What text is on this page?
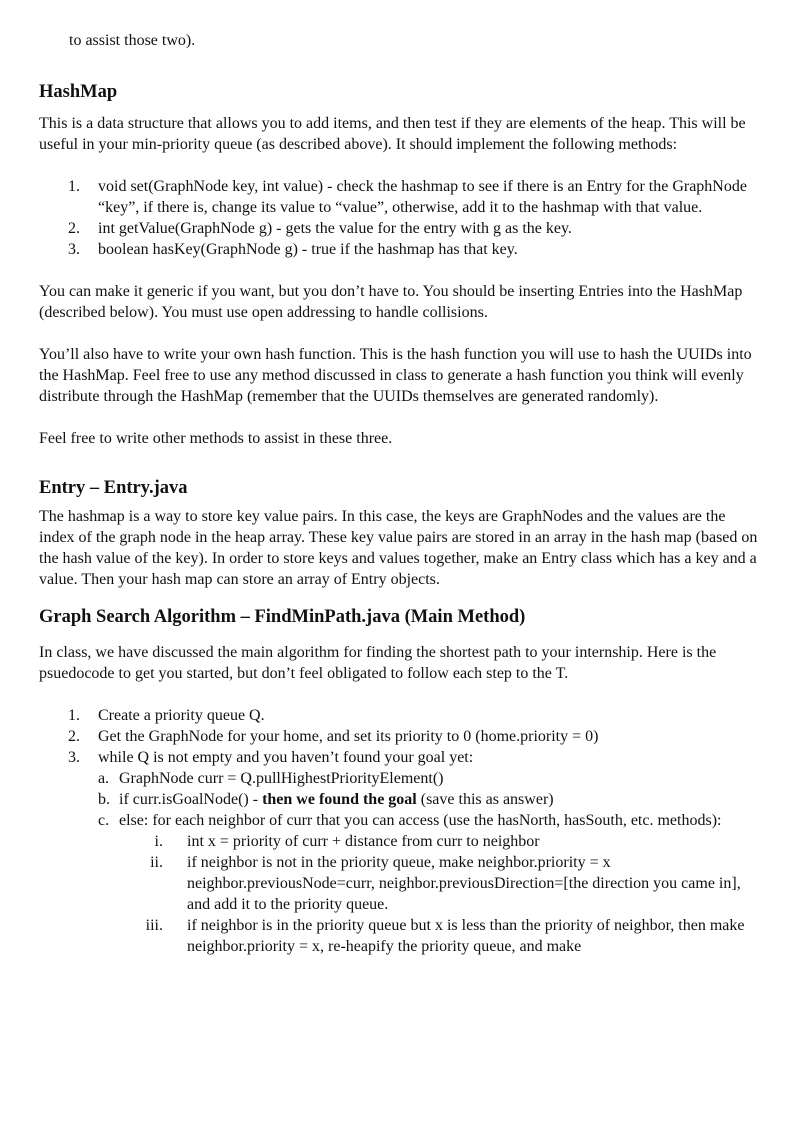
to assist those two).

HashMap

This is a data structure that allows you to add items, and then test if they are elements of the heap. This will be useful in your min-priority queue (as described above). It should implement the following methods:

1. void set(GraphNode key, int value) - check the hashmap to see if there is an Entry for the GraphNode “key”, if there is, change its value to “value”, otherwise, add it to the hashmap with that value.
2. int getValue(GraphNode g) - gets the value for the entry with g as the key.
3. boolean hasKey(GraphNode g) - true if the hashmap has that key.

You can make it generic if you want, but you don’t have to. You should be inserting Entries into the HashMap (described below). You must use open addressing to handle collisions.

You’ll also have to write your own hash function. This is the hash function you will use to hash the UUIDs into the HashMap. Feel free to use any method discussed in class to generate a hash function you think will evenly distribute through the HashMap (remember that the UUIDs themselves are generated randomly).

Feel free to write other methods to assist in these three.

Entry – Entry.java

The hashmap is a way to store key value pairs. In this case, the keys are GraphNodes and the values are the index of the graph node in the heap array. These key value pairs are stored in an array in the hash map (based on the hash value of the key). In order to store keys and values together, make an Entry class which has a key and a value. Then your hash map can store an array of Entry objects.

Graph Search Algorithm – FindMinPath.java (Main Method)

In class, we have discussed the main algorithm for finding the shortest path to your internship. Here is the psuedocode to get you started, but don’t feel obligated to follow each step to the T.

1. Create a priority queue Q.
2. Get the GraphNode for your home, and set its priority to 0 (home.priority = 0)
3. while Q is not empty and you haven’t found your goal yet:
a. GraphNode curr = Q.pullHighestPriorityElement()
b. if curr.isGoalNode() - then we found the goal (save this as answer)
c. else: for each neighbor of curr that you can access (use the hasNorth, hasSouth, etc. methods):
i. int x = priority of curr + distance from curr to neighbor
ii. if neighbor is not in the priority queue, make neighbor.priority = x neighbor.previousNode=curr, neighbor.previousDirection=[the direction you came in], and add it to the priority queue.
iii. if neighbor is in the priority queue but x is less than the priority of neighbor, then make neighbor.priority = x, re-heapify the priority queue, and make
